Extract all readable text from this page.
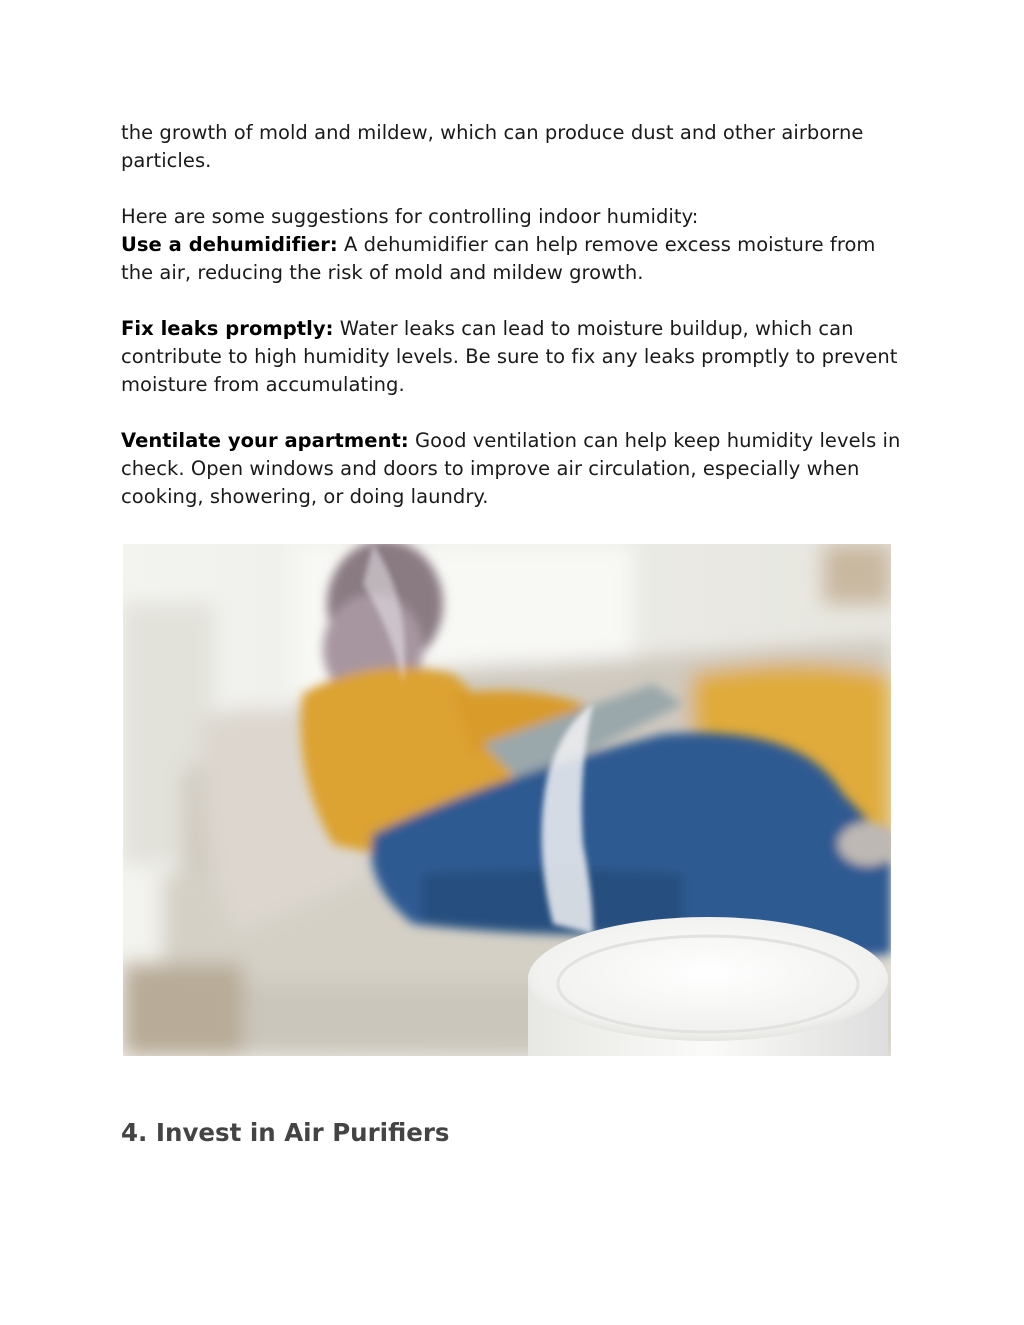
the growth of mold and mildew, which can produce dust and other airborne particles.

Here are some suggestions for controlling indoor humidity:
Use a dehumidifier: A dehumidifier can help remove excess moisture from the air, reducing the risk of mold and mildew growth.

Fix leaks promptly: Water leaks can lead to moisture buildup, which can contribute to high humidity levels. Be sure to fix any leaks promptly to prevent moisture from accumulating.

Ventilate your apartment: Good ventilation can help keep humidity levels in check. Open windows and doors to improve air circulation, especially when cooking, showering, or doing laundry.

4. Invest in Air Purifiers
